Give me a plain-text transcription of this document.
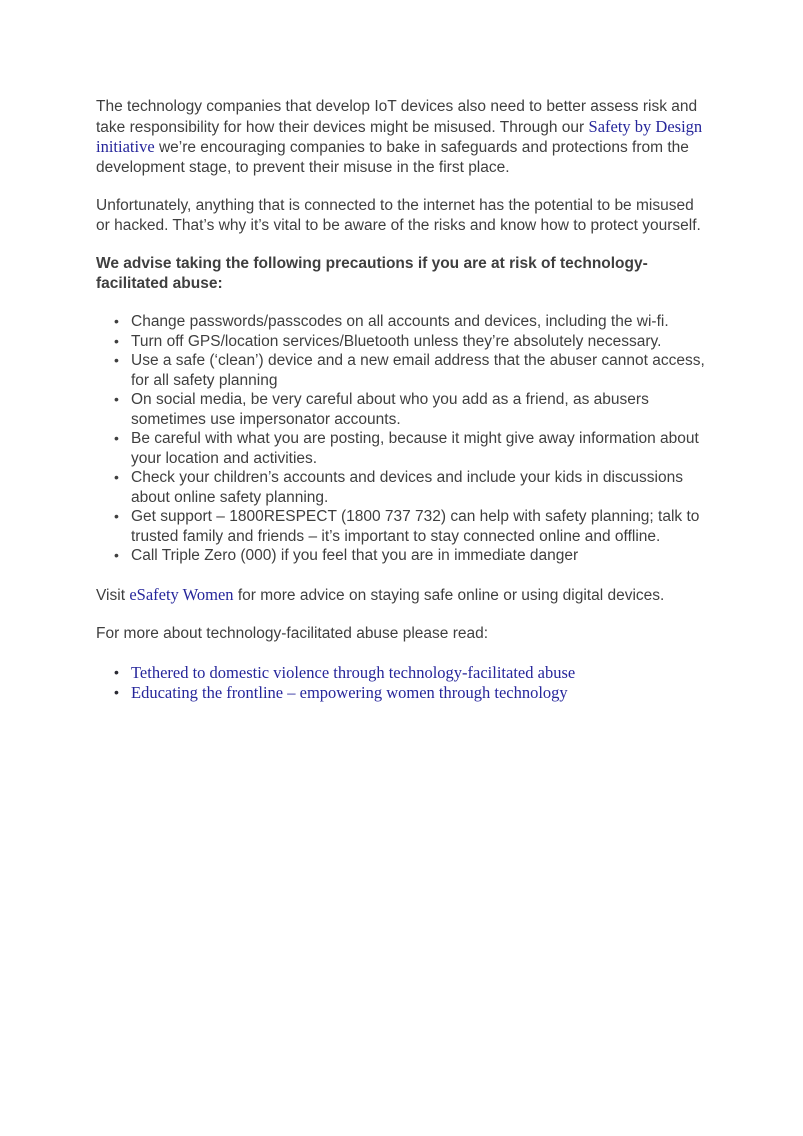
The technology companies that develop IoT devices also need to better assess risk and take responsibility for how their devices might be misused. Through our Safety by Design initiative we’re encouraging companies to bake in safeguards and protections from the development stage, to prevent their misuse in the first place.

Unfortunately, anything that is connected to the internet has the potential to be misused or hacked. That’s why it’s vital to be aware of the risks and know how to protect yourself.

We advise taking the following precautions if you are at risk of technology-facilitated abuse:

• Change passwords/passcodes on all accounts and devices, including the wi-fi.
• Turn off GPS/location services/Bluetooth unless they’re absolutely necessary.
• Use a safe (‘clean’) device and a new email address that the abuser cannot access, for all safety planning
• On social media, be very careful about who you add as a friend, as abusers sometimes use impersonator accounts.
• Be careful with what you are posting, because it might give away information about your location and activities.
• Check your children’s accounts and devices and include your kids in discussions about online safety planning.
• Get support – 1800RESPECT (1800 737 732) can help with safety planning; talk to trusted family and friends – it’s important to stay connected online and offline.
• Call Triple Zero (000) if you feel that you are in immediate danger

Visit eSafety Women for more advice on staying safe online or using digital devices.

For more about technology-facilitated abuse please read:

• Tethered to domestic violence through technology-facilitated abuse
• Educating the frontline – empowering women through technology
